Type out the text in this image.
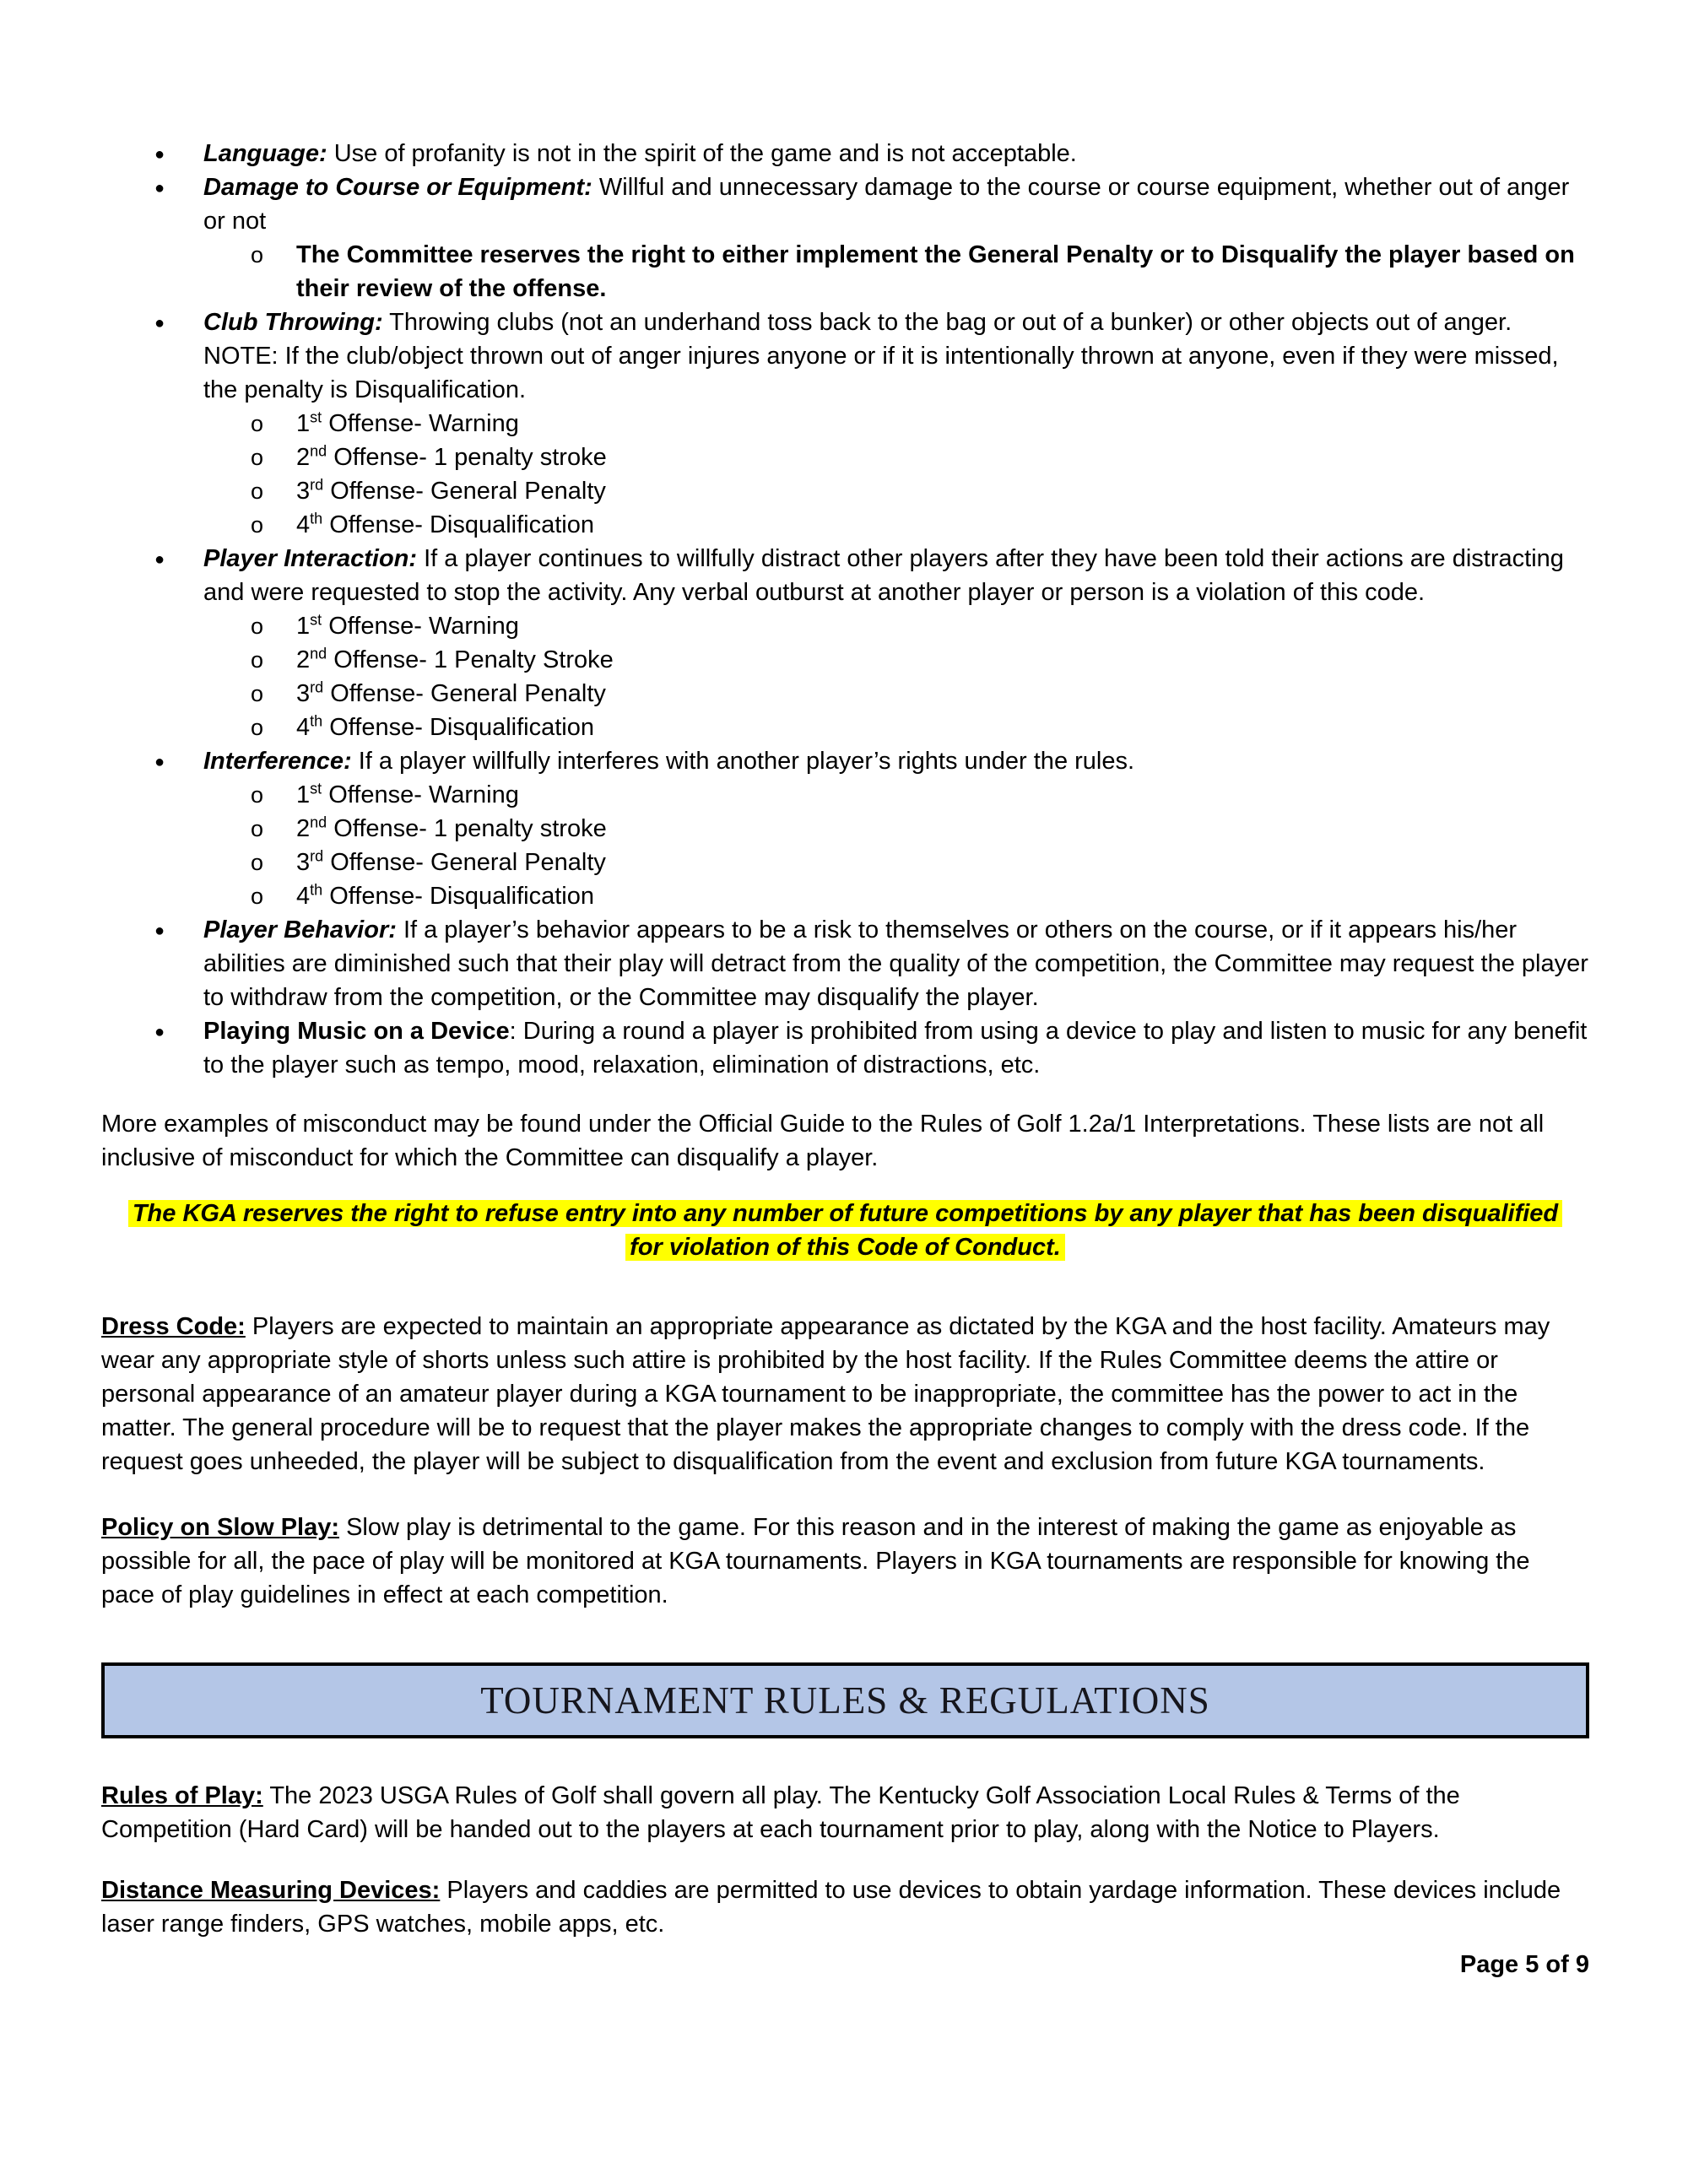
● Language: Use of profanity is not in the spirit of the game and is not acceptable.
● Damage to Course or Equipment: Willful and unnecessary damage to the course or course equipment, whether out of anger or not
o The Committee reserves the right to either implement the General Penalty or to Disqualify the player based on their review of the offense.
● Club Throwing: Throwing clubs (not an underhand toss back to the bag or out of a bunker) or other objects out of anger. NOTE: If the club/object thrown out of anger injures anyone or if it is intentionally thrown at anyone, even if they were missed, the penalty is Disqualification.
o 1st Offense- Warning
o 2nd Offense- 1 penalty stroke
o 3rd Offense- General Penalty
o 4th Offense- Disqualification
● Player Interaction: If a player continues to willfully distract other players after they have been told their actions are distracting and were requested to stop the activity. Any verbal outburst at another player or person is a violation of this code.
o 1st Offense- Warning
o 2nd Offense- 1 Penalty Stroke
o 3rd Offense- General Penalty
o 4th Offense- Disqualification
● Interference: If a player willfully interferes with another player’s rights under the rules.
o 1st Offense- Warning
o 2nd Offense- 1 penalty stroke
o 3rd Offense- General Penalty
o 4th Offense- Disqualification
● Player Behavior: If a player’s behavior appears to be a risk to themselves or others on the course, or if it appears his/her abilities are diminished such that their play will detract from the quality of the competition, the Committee may request the player to withdraw from the competition, or the Committee may disqualify the player.
● Playing Music on a Device: During a round a player is prohibited from using a device to play and listen to music for any benefit to the player such as tempo, mood, relaxation, elimination of distractions, etc.

More examples of misconduct may be found under the Official Guide to the Rules of Golf 1.2a/1 Interpretations. These lists are not all inclusive of misconduct for which the Committee can disqualify a player.

The KGA reserves the right to refuse entry into any number of future competitions by any player that has been disqualified
for violation of this Code of Conduct.

Dress Code: Players are expected to maintain an appropriate appearance as dictated by the KGA and the host facility. Amateurs may wear any appropriate style of shorts unless such attire is prohibited by the host facility. If the Rules Committee deems the attire or personal appearance of an amateur player during a KGA tournament to be inappropriate, the committee has the power to act in the matter. The general procedure will be to request that the player makes the appropriate changes to comply with the dress code. If the request goes unheeded, the player will be subject to disqualification from the event and exclusion from future KGA tournaments.

Policy on Slow Play: Slow play is detrimental to the game. For this reason and in the interest of making the game as enjoyable as possible for all, the pace of play will be monitored at KGA tournaments. Players in KGA tournaments are responsible for knowing the pace of play guidelines in effect at each competition.

TOURNAMENT RULES & REGULATIONS

Rules of Play: The 2023 USGA Rules of Golf shall govern all play. The Kentucky Golf Association Local Rules & Terms of the Competition (Hard Card) will be handed out to the players at each tournament prior to play, along with the Notice to Players.

Distance Measuring Devices: Players and caddies are permitted to use devices to obtain yardage information. These devices include laser range finders, GPS watches, mobile apps, etc.

Page 5 of 9
